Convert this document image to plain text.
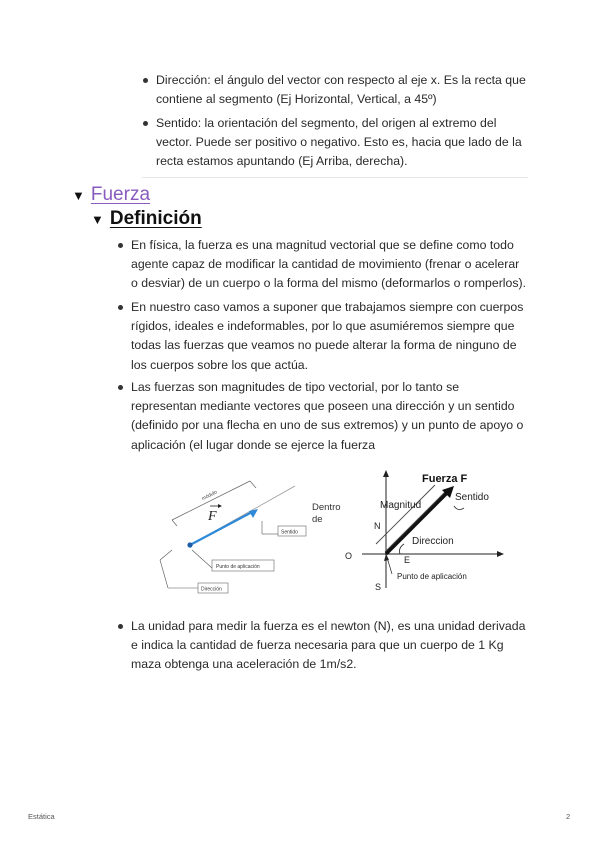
Dirección: el ángulo del vector con respecto al eje x. Es la recta que contiene al segmento (Ej Horizontal, Vertical, a 45º)
Sentido: la orientación del segmento, del origen al extremo del vector. Puede ser positivo o negativo. Esto es, hacia que lado de la recta estamos apuntando (Ej Arriba, derecha).
▼ Fuerza
▼ Definición
En física, la fuerza es una magnitud vectorial que se define como todo agente capaz de modificar la cantidad de movimiento (frenar o acelerar o desviar) de un cuerpo o la forma del mismo (deformarlos o romperlos).
En nuestro caso vamos a suponer que trabajamos siempre con cuerpos rígidos, ideales e indeformables, por lo que asumiéremos siempre que todas las fuerzas que veamos no puede alterar la forma de ninguno de los cuerpos sobre los que actúa.
Las fuerzas son magnitudes de tipo vectorial, por lo tanto se representan mediante vectores que poseen una dirección y un sentido (definido por una flecha en uno de sus extremos) y un punto de apoyo o aplicación (el lugar donde se ejerce la fuerza
módulo
F
Sentido
Punto de aplicación
Dirección
Dentro
de
N
S
O	E
Fuerza F
Magnitud
Sentido
Direccion
Punto de aplicación
La unidad para medir la fuerza es el newton (N), es una unidad derivada e indica la cantidad de fuerza necesaria para que un cuerpo de 1 Kg maza obtenga una aceleración de 1m/s2.
Estática	2
